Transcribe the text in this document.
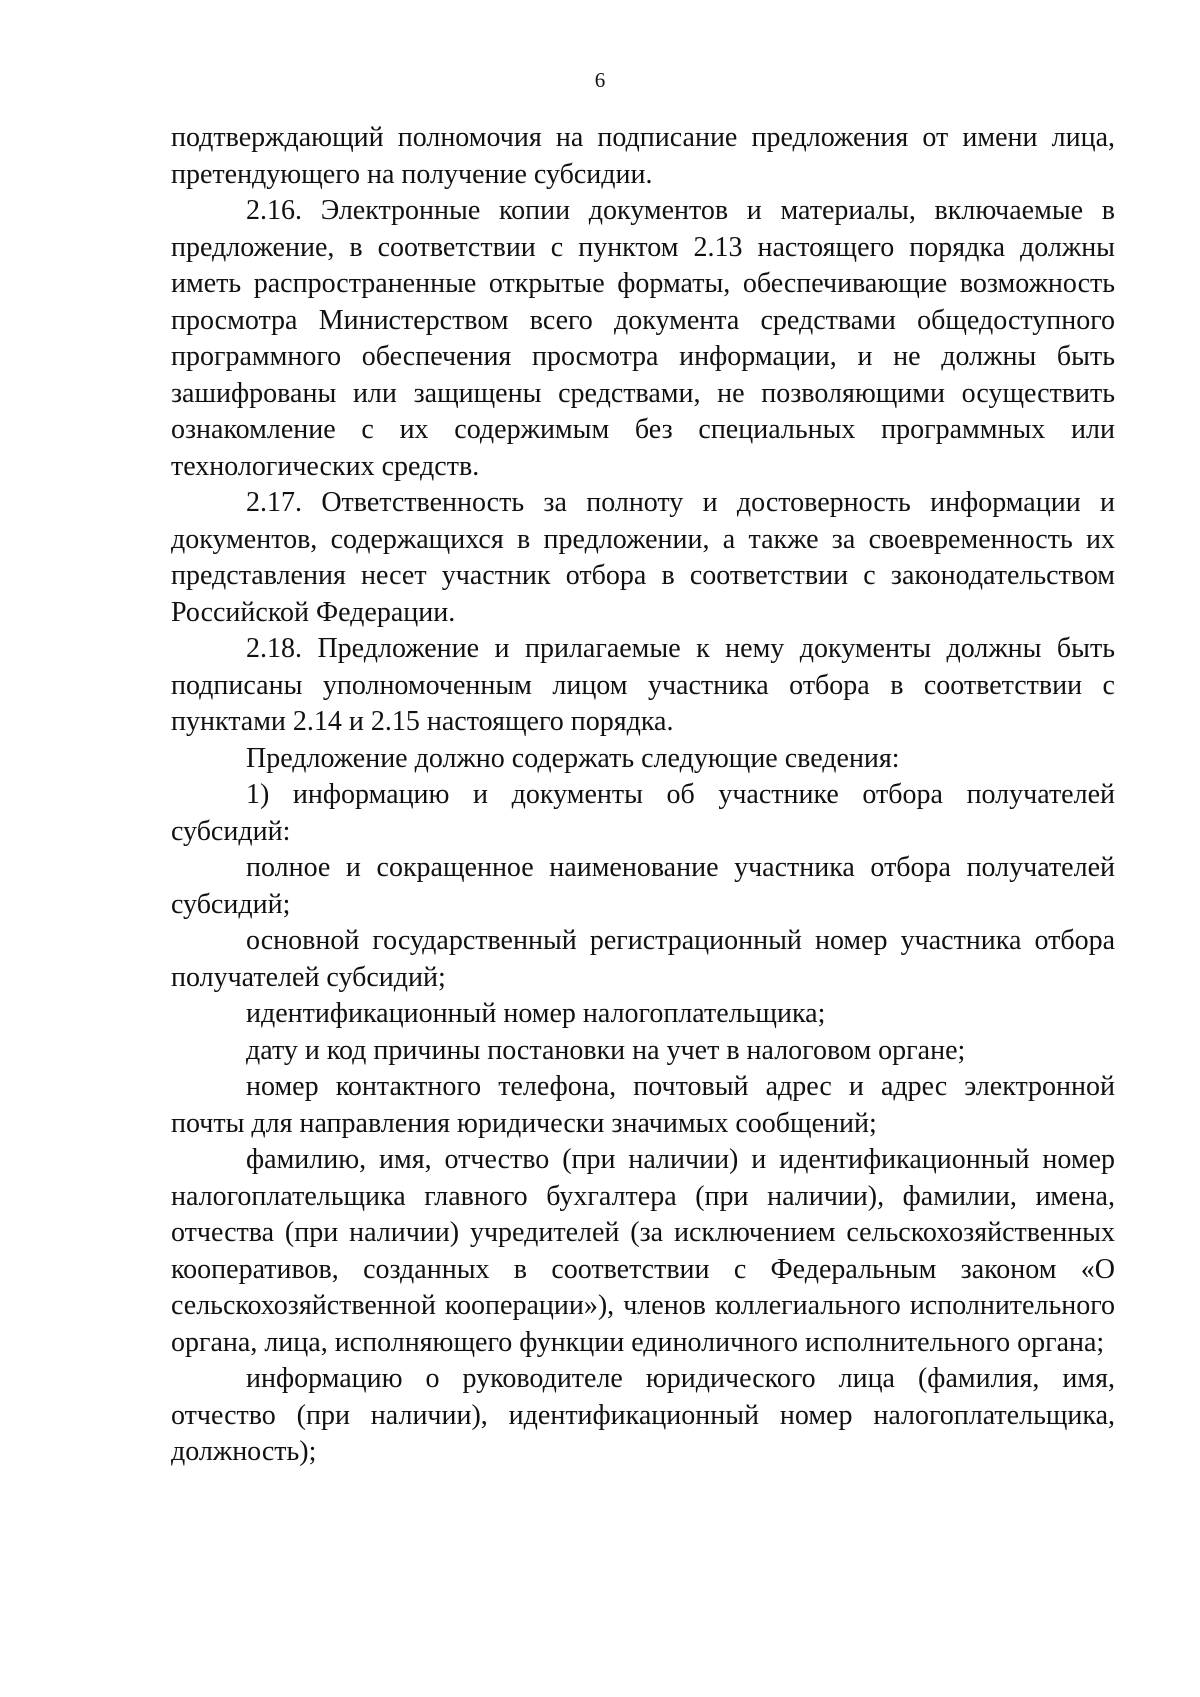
6

подтверждающий полномочия на подписание предложения от имени лица, претендующего на получение субсидии.

2.16. Электронные копии документов и материалы, включаемые в предложение, в соответствии с пунктом 2.13 настоящего порядка должны иметь распространенные открытые форматы, обеспечивающие возможность просмотра Министерством всего документа средствами общедоступного программного обеспечения просмотра информации, и не должны быть зашифрованы или защищены средствами, не позволяющими осуществить ознакомление с их содержимым без специальных программных или технологических средств.

2.17. Ответственность за полноту и достоверность информации и документов, содержащихся в предложении, а также за своевременность их представления несет участник отбора в соответствии с законодательством Российской Федерации.

2.18. Предложение и прилагаемые к нему документы должны быть подписаны уполномоченным лицом участника отбора в соответствии с пунктами 2.14 и 2.15 настоящего порядка.

Предложение должно содержать следующие сведения:

1) информацию и документы об участнике отбора получателей субсидий:

полное и сокращенное наименование участника отбора получателей субсидий;

основной государственный регистрационный номер участника отбора получателей субсидий;

идентификационный номер налогоплательщика;

дату и код причины постановки на учет в налоговом органе;

номер контактного телефона, почтовый адрес и адрес электронной почты для направления юридически значимых сообщений;

фамилию, имя, отчество (при наличии) и идентификационный номер налогоплательщика главного бухгалтера (при наличии), фамилии, имена, отчества (при наличии) учредителей (за исключением сельскохозяйственных кооперативов, созданных в соответствии с Федеральным законом «О сельскохозяйственной кооперации»), членов коллегиального исполнительного органа, лица, исполняющего функции единоличного исполнительного органа;

информацию о руководителе юридического лица (фамилия, имя, отчество (при наличии), идентификационный номер налогоплательщика, должность);
